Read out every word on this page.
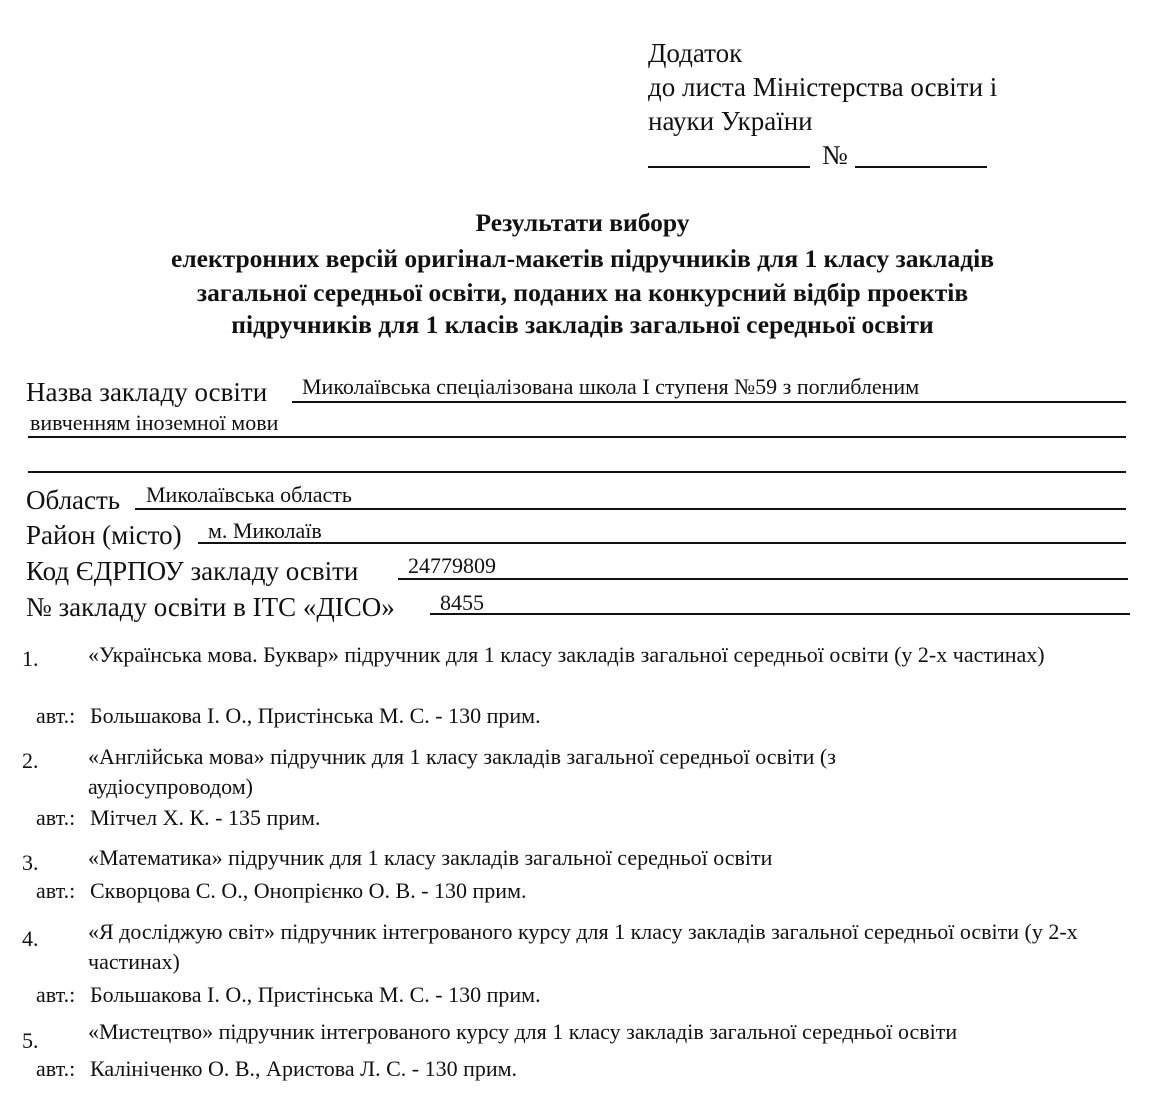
Додаток
до листа Міністерства освіти і
науки України
№
Результати вибору
електронних версій оригінал-макетів підручників для 1 класу закладів
загальної середньої освіти, поданих на конкурсний відбір проектів
підручників для 1 класів закладів загальної середньої освіти
Назва закладу освіти Миколаївська спеціалізована школа І ступеня №59 з поглибленим
вивченням іноземної мови
Область Миколаївська область
Район (місто) м. Миколаїв
Код ЄДРПОУ закладу освіти 24779809
№ закладу освіти в ІТС «ДІСО» 8455
1. «Українська мова. Буквар» підручник для 1 класу закладів загальної середньої освіти (у 2-х частинах)
авт.: Большакова І. О., Пристінська М. С. - 130 прим.
2. «Англійська мова» підручник для 1 класу закладів загальної середньої освіти (з аудіосупроводом)
авт.: Мітчел Х. К. - 135 прим.
3. «Математика» підручник для 1 класу закладів загальної середньої освіти
авт.: Скворцова С. О., Онопрієнко О. В. - 130 прим.
4. «Я досліджую світ» підручник інтегрованого курсу для 1 класу закладів загальної середньої освіти (у 2-х частинах)
авт.: Большакова І. О., Пристінська М. С. - 130 прим.
5. «Мистецтво» підручник інтегрованого курсу для 1 класу закладів загальної середньої освіти
авт.: Калініченко О. В., Аристова Л. С. - 130 прим.
